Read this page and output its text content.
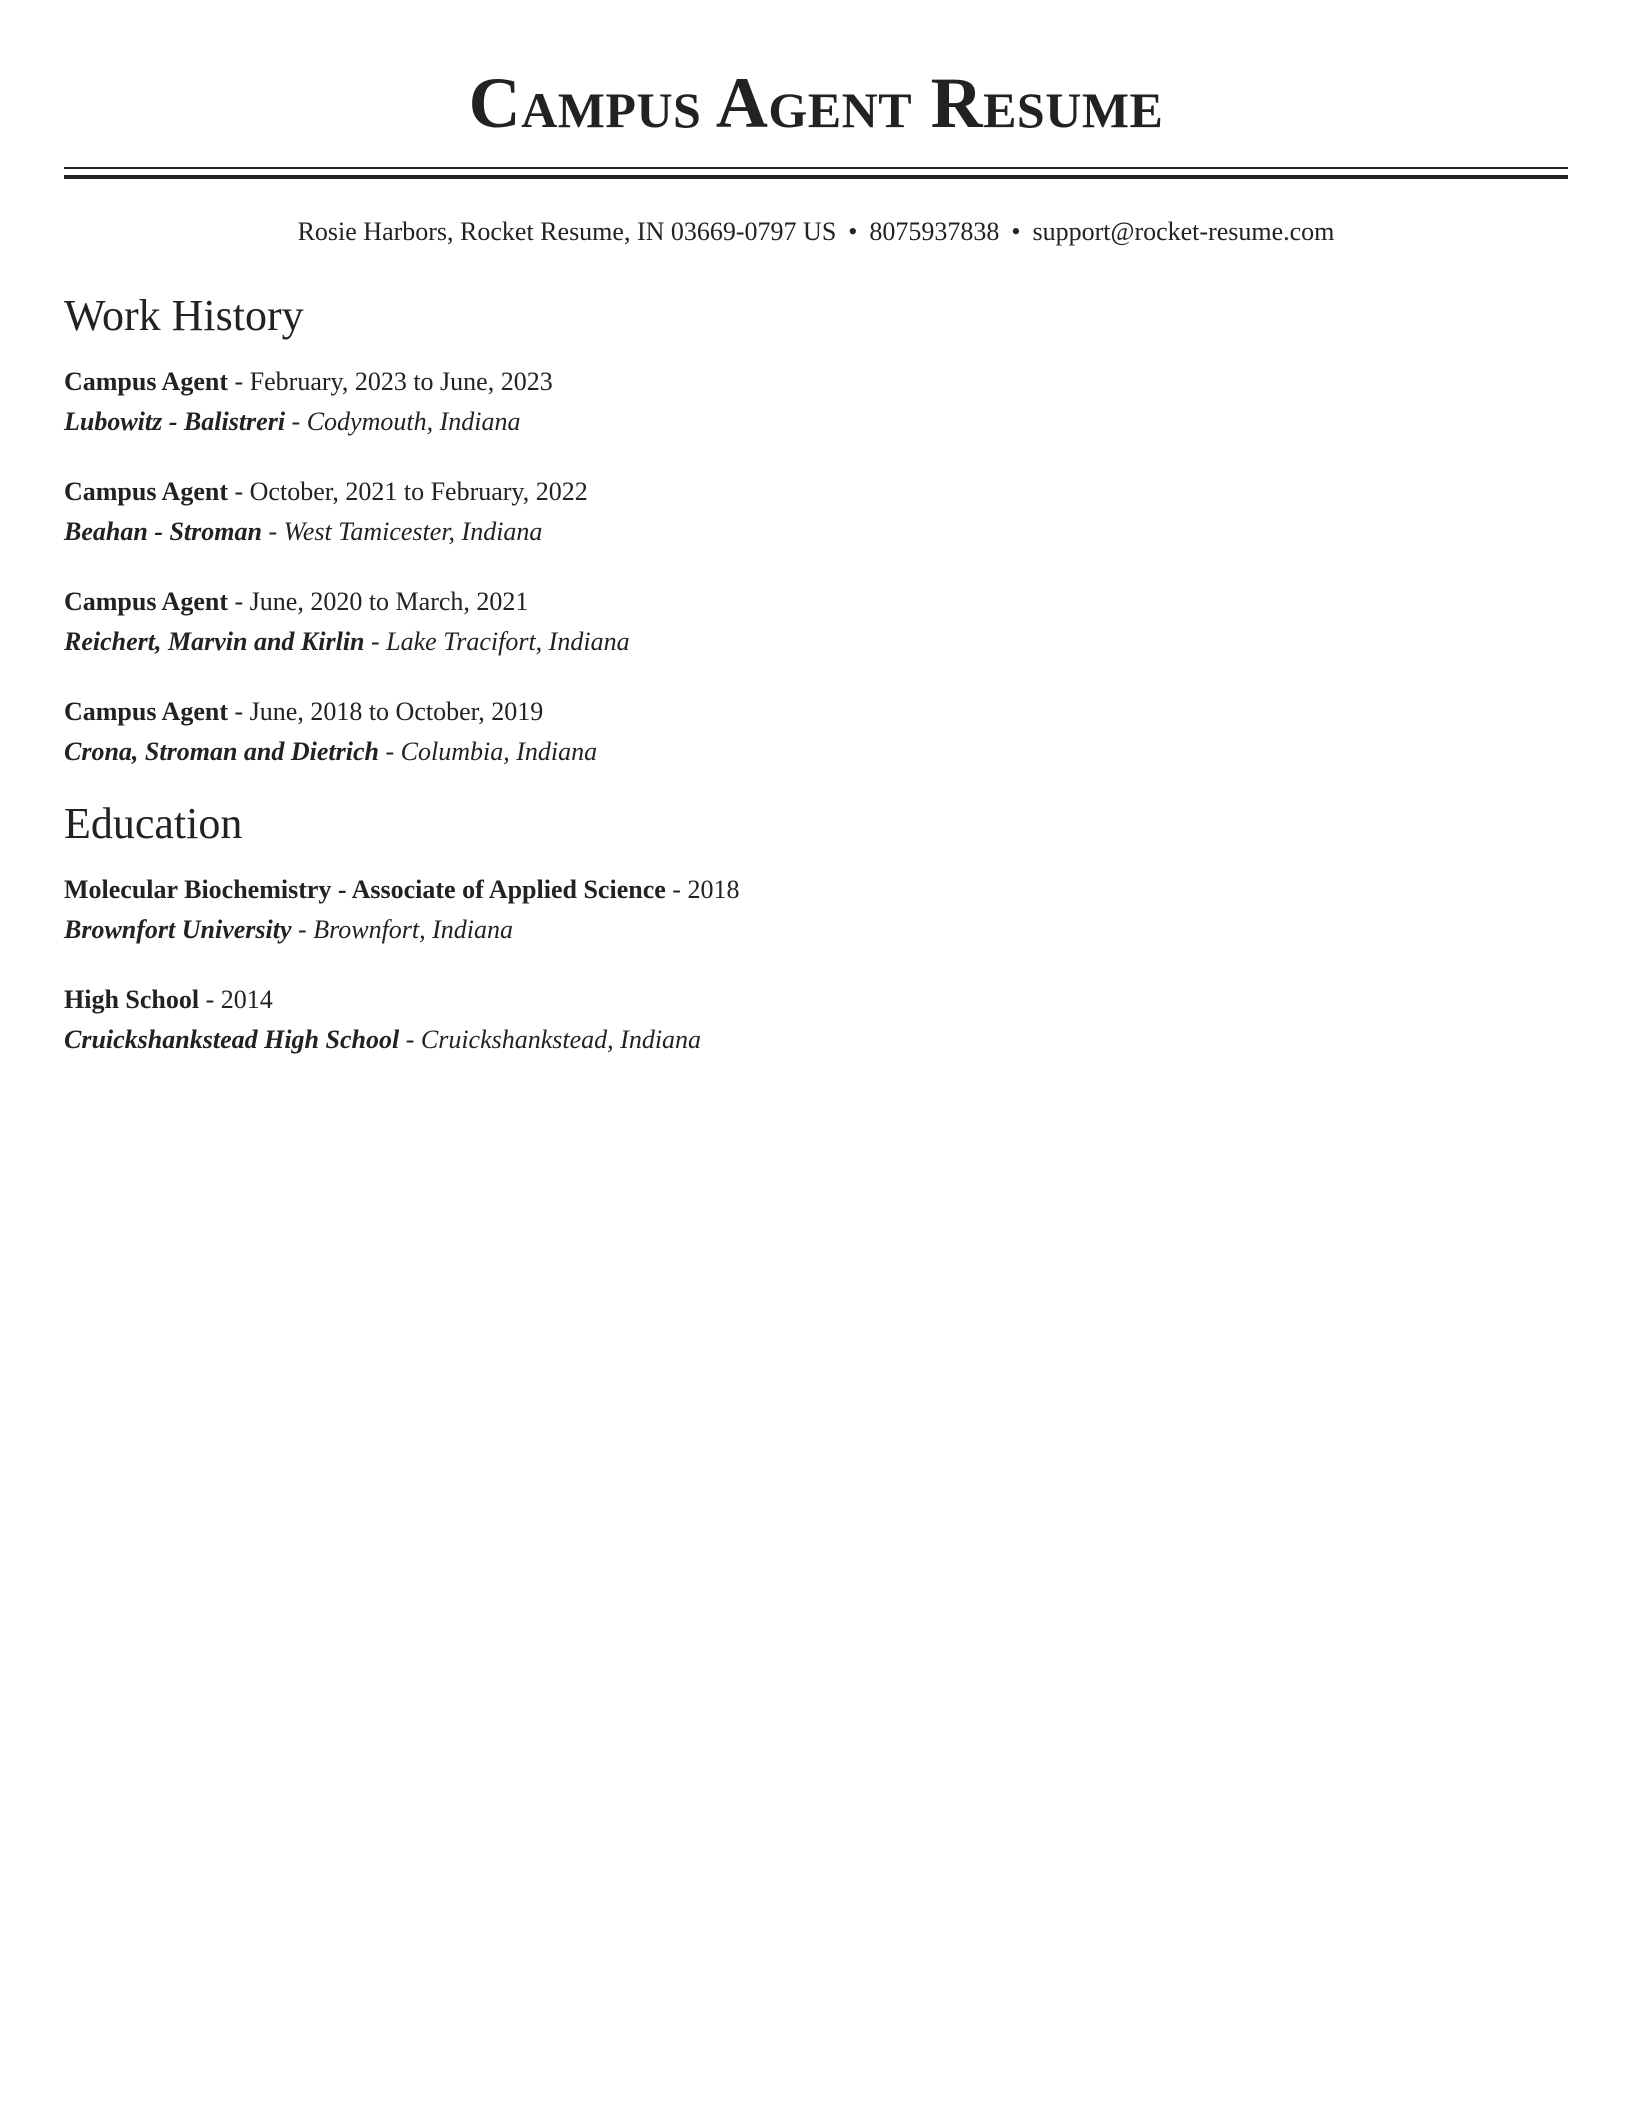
Campus Agent Resume
Rosie Harbors, Rocket Resume, IN 03669-0797 US • 8075937838 • support@rocket-resume.com
Work History
Campus Agent - February, 2023 to June, 2023
Lubowitz - Balistreri - Codymouth, Indiana
Campus Agent - October, 2021 to February, 2022
Beahan - Stroman - West Tamicester, Indiana
Campus Agent - June, 2020 to March, 2021
Reichert, Marvin and Kirlin - Lake Tracifort, Indiana
Campus Agent - June, 2018 to October, 2019
Crona, Stroman and Dietrich - Columbia, Indiana
Education
Molecular Biochemistry - Associate of Applied Science - 2018
Brownfort University - Brownfort, Indiana
High School - 2014
Cruickshankstead High School - Cruickshankstead, Indiana
